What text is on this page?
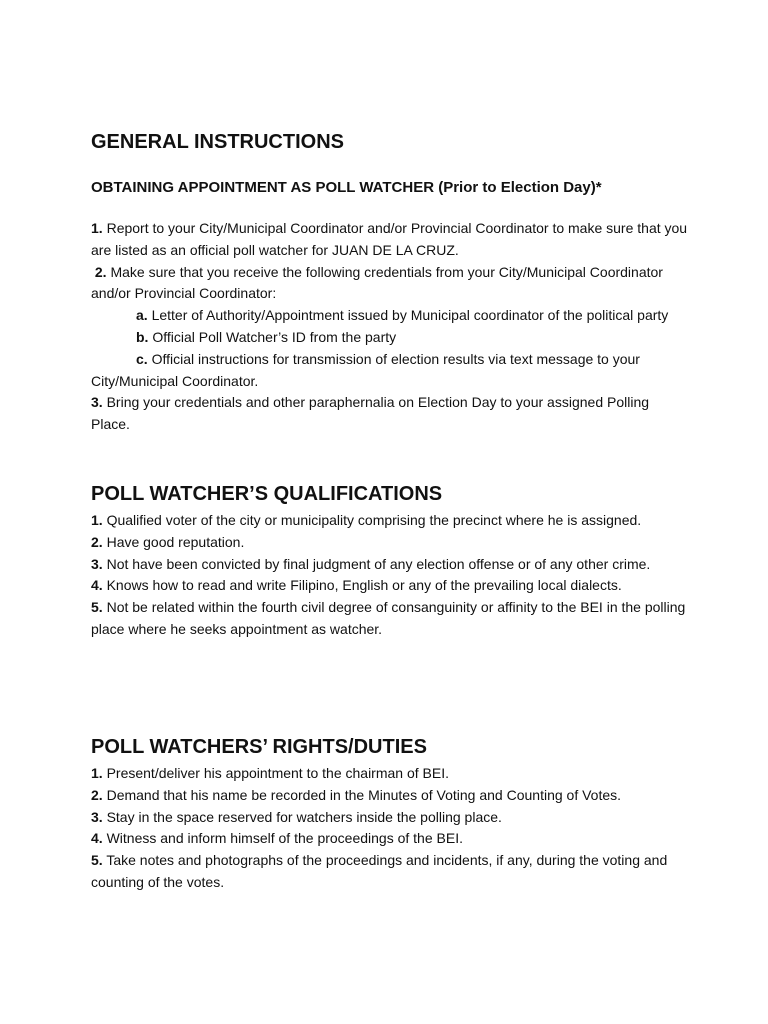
GENERAL INSTRUCTIONS
OBTAINING APPOINTMENT AS POLL WATCHER (Prior to Election Day)*

1. Report to your City/Municipal Coordinator and/or Provincial Coordinator to make sure that you are listed as an official poll watcher for JUAN DE LA CRUZ.

2. Make sure that you receive the following credentials from your City/Municipal Coordinator and/or Provincial Coordinator:

a. Letter of Authority/Appointment issued by Municipal coordinator of the political party

b. Official Poll Watcher’s ID from the party

c. Official instructions for transmission of election results via text message to your City/Municipal Coordinator.

3. Bring your credentials and other paraphernalia on Election Day to your assigned Polling Place.

POLL WATCHER’S QUALIFICATIONS

1. Qualified voter of the city or municipality comprising the precinct where he is assigned.

2. Have good reputation.

3. Not have been convicted by final judgment of any election offense or of any other crime.

4. Knows how to read and write Filipino, English or any of the prevailing local dialects.

5. Not be related within the fourth civil degree of consanguinity or affinity to the BEI in the polling place where he seeks appointment as watcher.

POLL WATCHERS’ RIGHTS/DUTIES

1. Present/deliver his appointment to the chairman of BEI.

2. Demand that his name be recorded in the Minutes of Voting and Counting of Votes.

3. Stay in the space reserved for watchers inside the polling place.

4. Witness and inform himself of the proceedings of the BEI.

5. Take notes and photographs of the proceedings and incidents, if any, during the voting and counting of the votes.
